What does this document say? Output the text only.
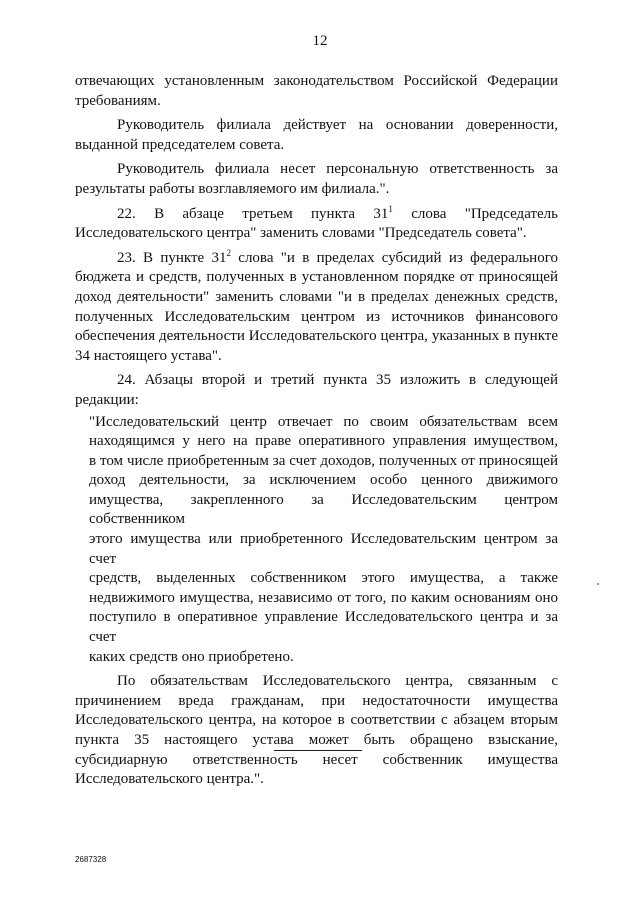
12

отвечающих установленным законодательством Российской Федерации требованиям.

Руководитель филиала действует на основании доверенности, выданной председателем совета.

Руководитель филиала несет персональную ответственность за результаты работы возглавляемого им филиала.".

22. В абзаце третьем пункта $31^1$ слова "Председатель Исследовательского центра" заменить словами "Председатель совета".

23. В пункте $31^2$ слова "и в пределах субсидий из федерального бюджета и средств, полученных в установленном порядке от приносящей доход деятельности" заменить словами "и в пределах денежных средств, полученных Исследовательским центром из источников финансового обеспечения деятельности Исследовательского центра, указанных в пункте 34 настоящего устава".

24. Абзацы второй и третий пункта 35 изложить в следующей редакции:

"Исследовательский центр отвечает по своим обязательствам всем

находящимся у него на праве оперативного управления имуществом,

в том числе приобретенным за счет доходов, полученных от приносящей

доход деятельности, за исключением особо ценного движимого

имущества, закрепленного за Исследовательским центром собственником

этого имущества или приобретенного Исследовательским центром за счет

средств, выделенных собственником этого имущества, а также

недвижимого имущества, независимо от того, по каким основаниям оно

поступило в оперативное управление Исследовательского центра и за счет

каких средств оно приобретено.

По обязательствам Исследовательского центра, связанным с причинением вреда гражданам, при недостаточности имущества Исследовательского центра, на которое в соответствии с абзацем вторым пункта 35 настоящего устава может быть обращено взыскание, субсидиарную ответственность несет собственник имущества Исследовательского центра.".

2687328
